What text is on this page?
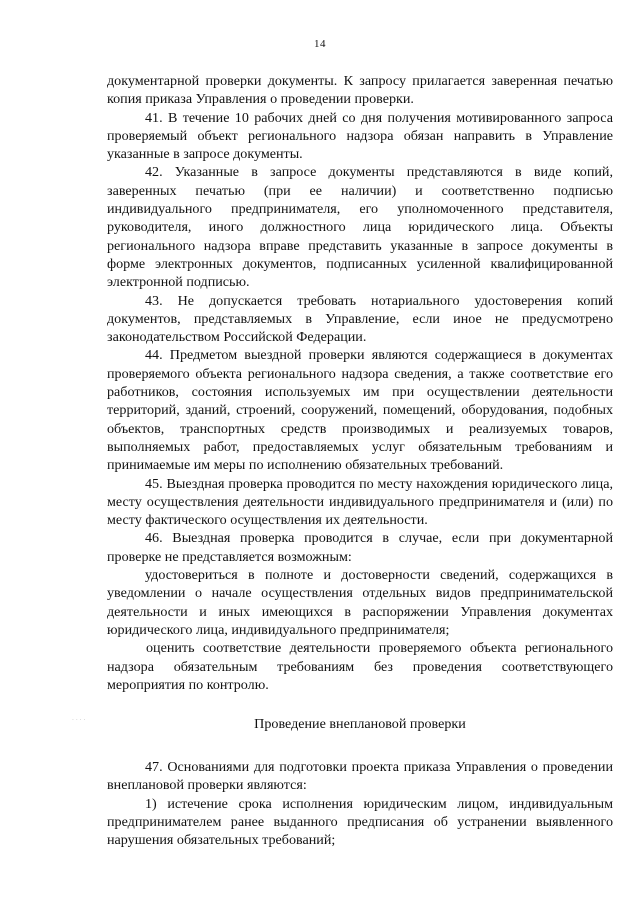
14

документарной проверки документы. К запросу прилагается заверенная печатью копия приказа Управления о проведении проверки.

41. В течение 10 рабочих дней со дня получения мотивированного запроса проверяемый объект регионального надзора обязан направить в Управление указанные в запросе документы.

42. Указанные в запросе документы представляются в виде копий, заверенных печатью (при ее наличии) и соответственно подписью индивидуального предпринимателя, его уполномоченного представителя, руководителя, иного должностного лица юридического лица. Объекты регионального надзора вправе представить указанные в запросе документы в форме электронных документов, подписанных усиленной квалифицированной электронной подписью.

43. Не допускается требовать нотариального удостоверения копий документов, представляемых в Управление, если иное не предусмотрено законодательством Российской Федерации.

44. Предметом выездной проверки являются содержащиеся в документах проверяемого объекта регионального надзора сведения, а также соответствие его работников, состояния используемых им при осуществлении деятельности территорий, зданий, строений, сооружений, помещений, оборудования, подобных объектов, транспортных средств производимых и реализуемых товаров, выполняемых работ, предоставляемых услуг обязательным требованиям и принимаемые им меры по исполнению обязательных требований.

45. Выездная проверка проводится по месту нахождения юридического лица, месту осуществления деятельности индивидуального предпринимателя и (или) по месту фактического осуществления их деятельности.

46. Выездная проверка проводится в случае, если при документарной проверке не представляется возможным:

удостовериться в полноте и достоверности сведений, содержащихся в уведомлении о начале осуществления отдельных видов предпринимательской деятельности и иных имеющихся в распоряжении Управления документах юридического лица, индивидуального предпринимателя;

оценить соответствие деятельности проверяемого объекта регионального надзора обязательным требованиям без проведения соответствующего мероприятия по контролю.

· · · ·	Проведение внеплановой проверки

47. Основаниями для подготовки проекта приказа Управления о проведении внеплановой проверки являются:

1) истечение срока исполнения юридическим лицом, индивидуальным предпринимателем ранее выданного предписания об устранении выявленного нарушения обязательных требований;
